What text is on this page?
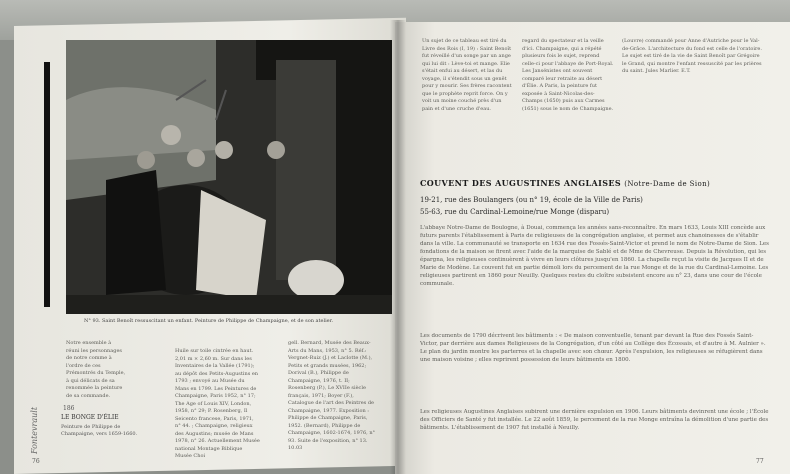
N° 93. Saint Benoît ressuscitant un enfant. Peinture de Philippe de Champaigne, et de son atelier.
Notre ensemble à réuni les personnages de notre comme à l'ordre de ces Prémontrés du Temple, à qui délicats de sa renommée la peinture de sa commande.
Huile sur toile cintrée en haut. 2,01 m × 2,60 m. Sur dans les Inventaires de la Vallée (1791); au dépôt des Petits-Augustins en 1793 ; envoyé au Musée du Mans en 1799. Les Peintures de Champaigne, Paris 1952, n° 17; The Age of Louis XIV, London, 1958, n° 29; P. Rosenberg, Il Seicento francese, Paris, 1971, n° 44. ; Champaigne, religieux des Augustins; musée de Mans 1978, n° 26. Actuellement Musée national Montage Biblique Musée Choi
gell. Bernard, Musée des Beaux-Arts du Mans, 1953, n° 5. Réf.: Vergnet-Ruiz (J.) et Laclotte (M.), Petits et grands musées, 1962; Dorival (B.), Philippe de Champaigne, 1976, t. II; Rosenberg (P.), Le XVIIe siècle français, 1971; Boyer (F.), Catalogue de l'art des Peintres de Champaigne, 1977. Exposition : Philippe de Champaigne, Paris, 1952. (Bernard), Philippe de Champaigne, 1602-1674, 1976, n° 93. Suite de l'exposition, n° 13. 10.03
186
LE BONGE D'ÉLIE
Peinture de Philippe de Champaigne, vers 1659-1660.
Fontevrault
76
Un sujet de ce tableau est tiré du Livre des Rois (I, 19) : Saint Benoît fut réveillé d'un songe par un ange qui lui dit : Lève-toi et mange. Elie s'était enfui au désert, et las du voyage, il s'étendit sous un genêt pour y mourir. Ses frères racontent que le prophète reprit force. On y voit un moine couché près d'un pain et d'une cruche d'eau.
regard du spectateur et la veille d'ici. Champaigne, qui a répété plusieurs fois le sujet, reprend celle-ci pour l'abbaye de Port-Royal. Les Jansénistes ont souvent comparé leur retraite au désert d'Élie. A Paris, la peinture fut exposée à Saint-Nicolas-des-Champs (1650) puis aux Carmes (1651) sous le nom de Champaigne.
(Louvre) commandé pour Anne d'Autriche pour le Val-de-Grâce. L'architecture du fond est celle de l'oratoire. Le sujet est tiré de la vie de Saint Benoît par Grégoire le Grand, qui montre l'enfant ressuscité par les prières du saint. Jules Marlier. E.T.
COUVENT DES AUGUSTINES ANGLAISES (Notre-Dame de Sion)
19-21, rue des Boulangers (ou n° 19, école de la Ville de Paris)
55-63, rue du Cardinal-Lemoine/rue Monge (disparu)
L'abbaye Notre-Dame de Boulogne, à Douai, commença les années sans-reconnaître. En mars 1633, Louis XIII concède aux futurs parents l'établissement à Paris de religieuses de la congrégation anglaise, et permet aux chanoinesses de s'établir dans la ville. La communauté se transporte en 1634 rue des Fossés-Saint-Victor et prend le nom de Notre-Dame de Sion. Les fondations de la maison se firent avec l'aide de la marquise de Sablé et de Mme de Chevreuse. Depuis la Révolution, qui les épargna, les religieuses continuèrent à vivre en leurs clôtures jusqu'en 1860. La chapelle reçut la visite de Jacques II et de Marie de Modène. Le couvent fut en partie démoli lors du percement de la rue Monge et de la rue du Cardinal-Lemoine. Les religieuses partirent en 1860 pour Neuilly. Quelques restes du cloître subsistent encore au n° 23, dans une cour de l'école communale.
Les documents de 1790 décrivent les bâtiments : « De maison conventuelle, tenant par devant la Rue des Fossés Saint-Victor, par derrière aux dames Religieuses de la Congrégation, d'un côté au Collège des Écossais, et d'autre à M. Aulnier ». Le plan du jardin montre les parterres et la chapelle avec son chœur. Après l'expulsion, les religieuses se réfugièrent dans une maison voisine ; elles reprirent possession de leurs bâtiments en 1800.
Les religieuses Augustines Anglaises subirent une dernière expulsion en 1906. Leurs bâtiments devinrent une école ; l'École des Officiers de Santé y fut installée. Le 22 août 1859, le percement de la rue Monge entraîna la démolition d'une partie des bâtiments. L'établissement de 1907 fut installé à Neuilly.
77
